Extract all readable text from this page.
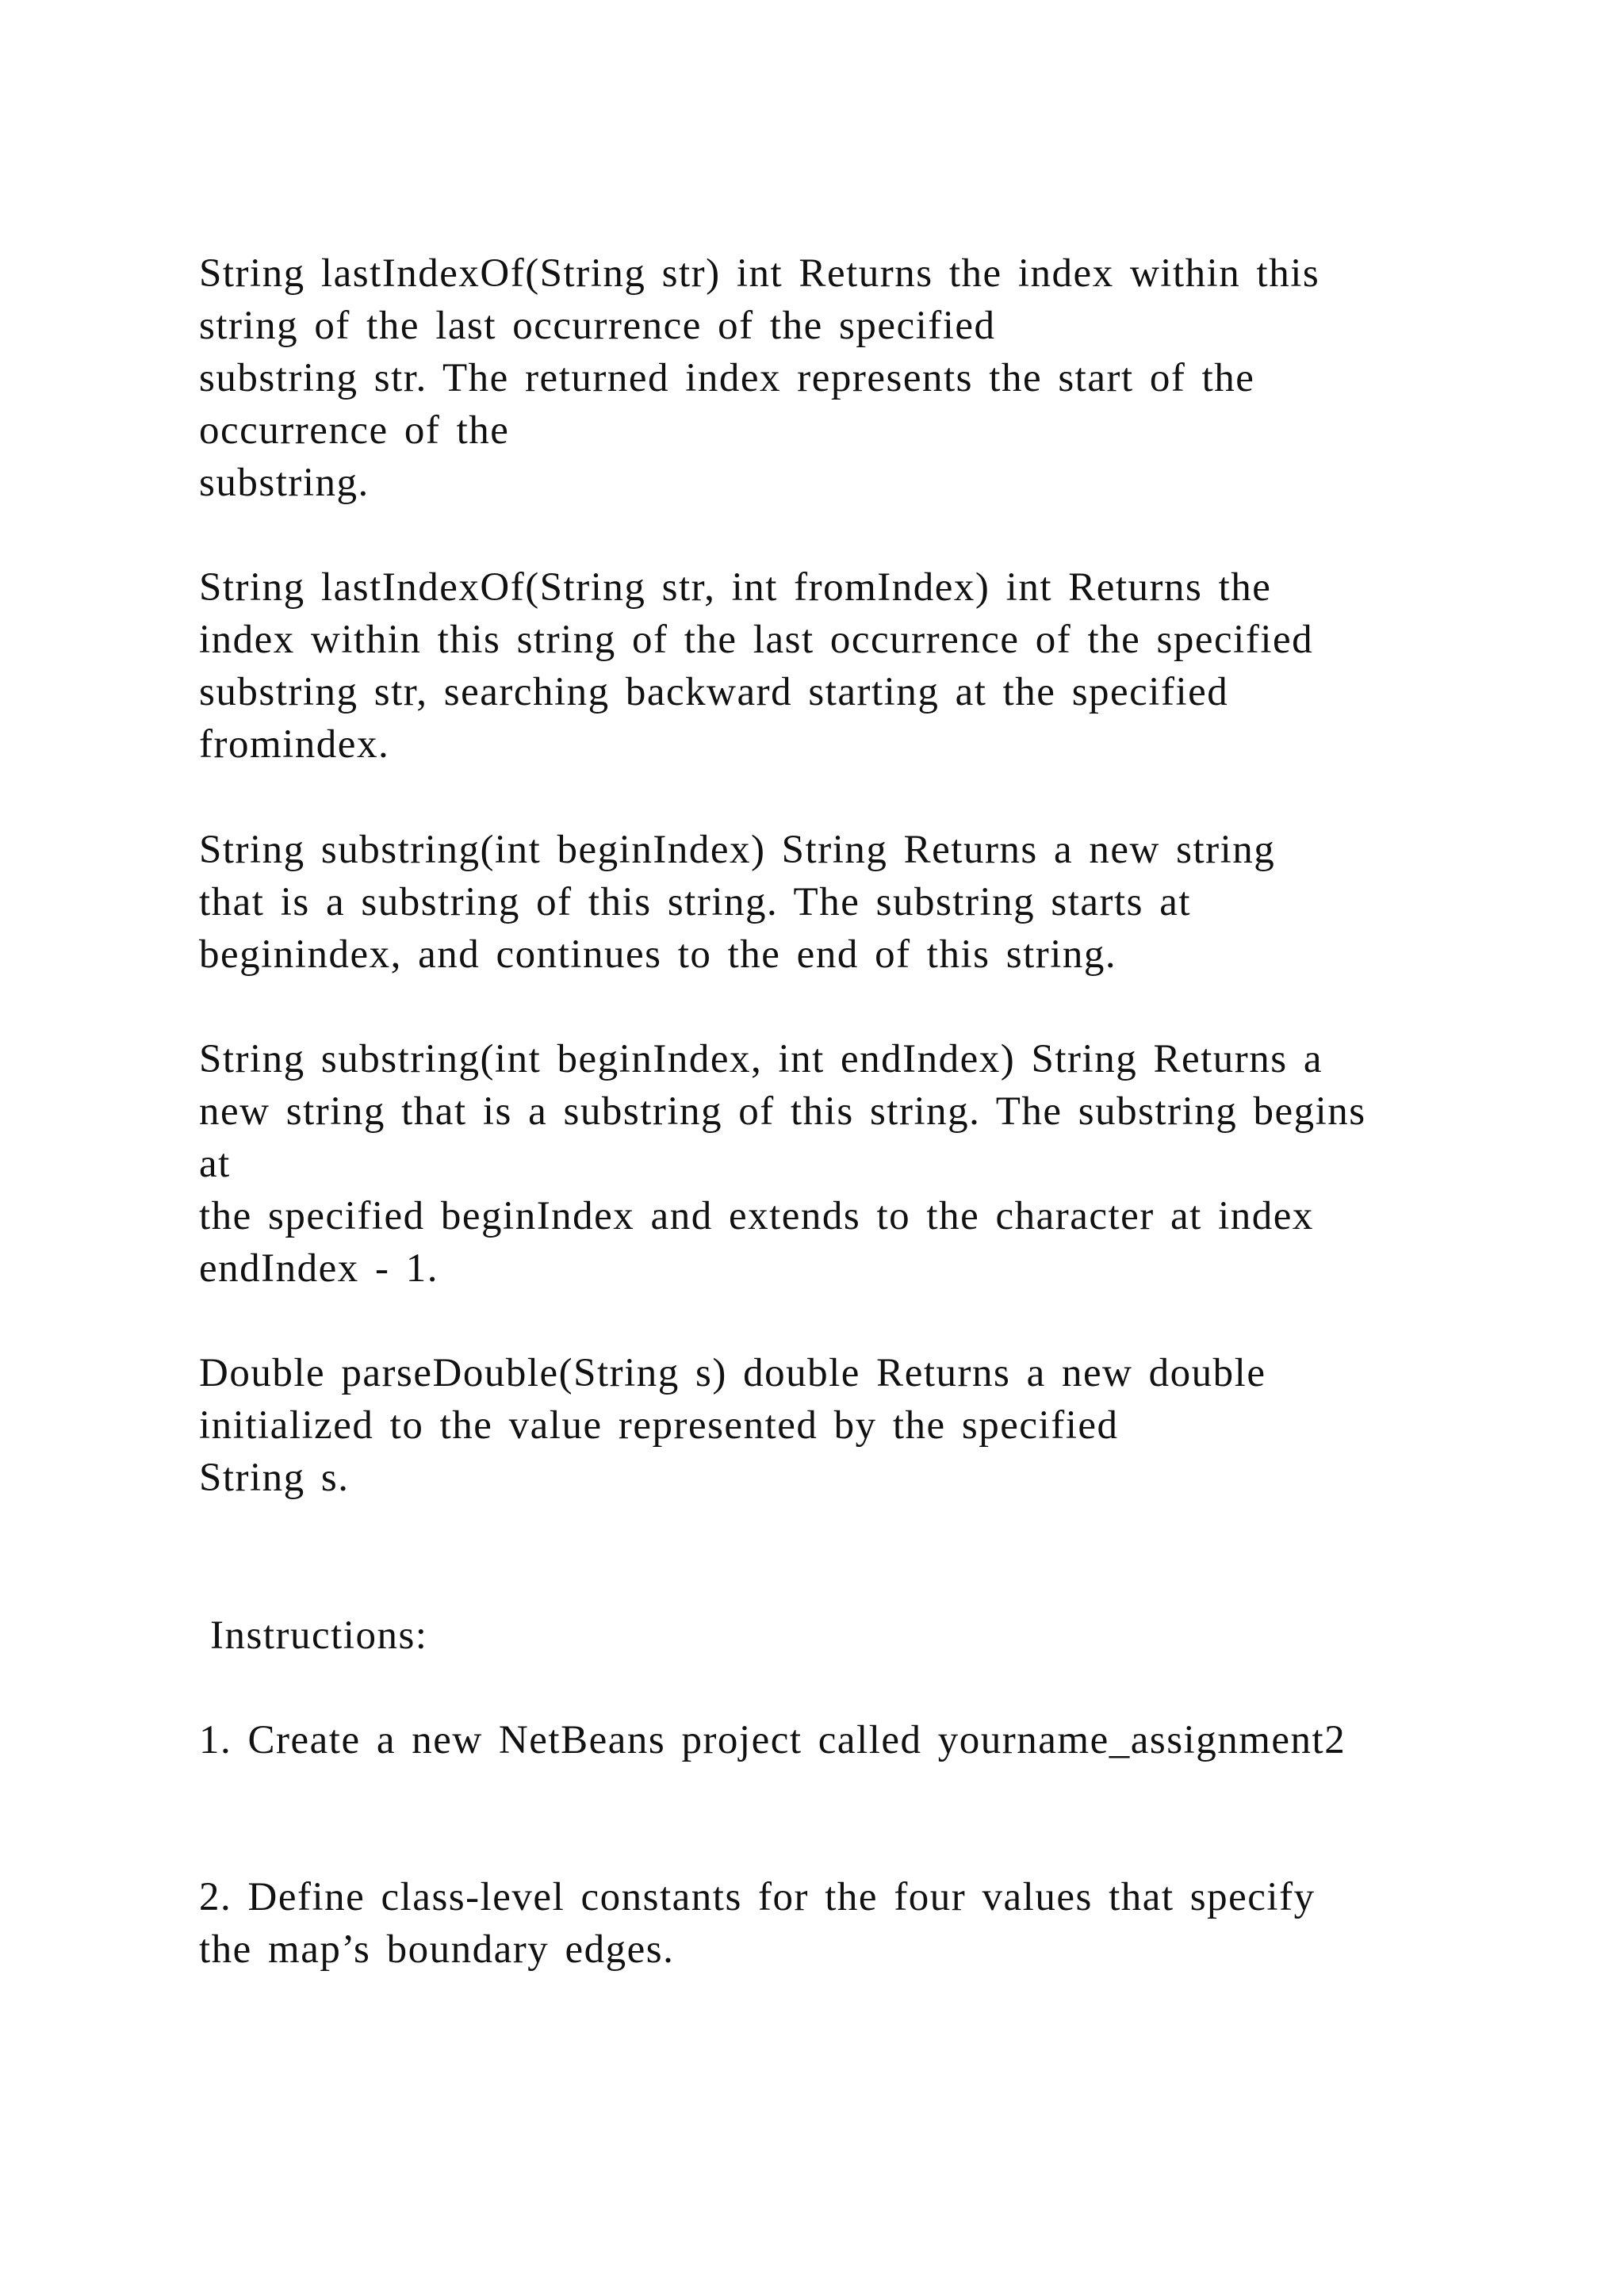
String lastIndexOf(String str) int Returns the index within this
string of the last occurrence of the specified
substring str. The returned index represents the start of the
occurrence of the
substring.
String lastIndexOf(String str, int fromIndex) int Returns the
index within this string of the last occurrence of the specified
substring str, searching backward starting at the specified
fromindex.
String substring(int beginIndex) String Returns a new string
that is a substring of this string. The substring starts at
beginindex, and continues to the end of this string.
String substring(int beginIndex, int endIndex) String Returns a
new string that is a substring of this string. The substring begins
at
the specified beginIndex and extends to the character at index
endIndex - 1.
Double parseDouble(String s) double Returns a new double
initialized to the value represented by the specified
String s.
Instructions:
1. Create a new NetBeans project called yourname_assignment2
2. Define class-level constants for the four values that specify
the map’s boundary edges.
